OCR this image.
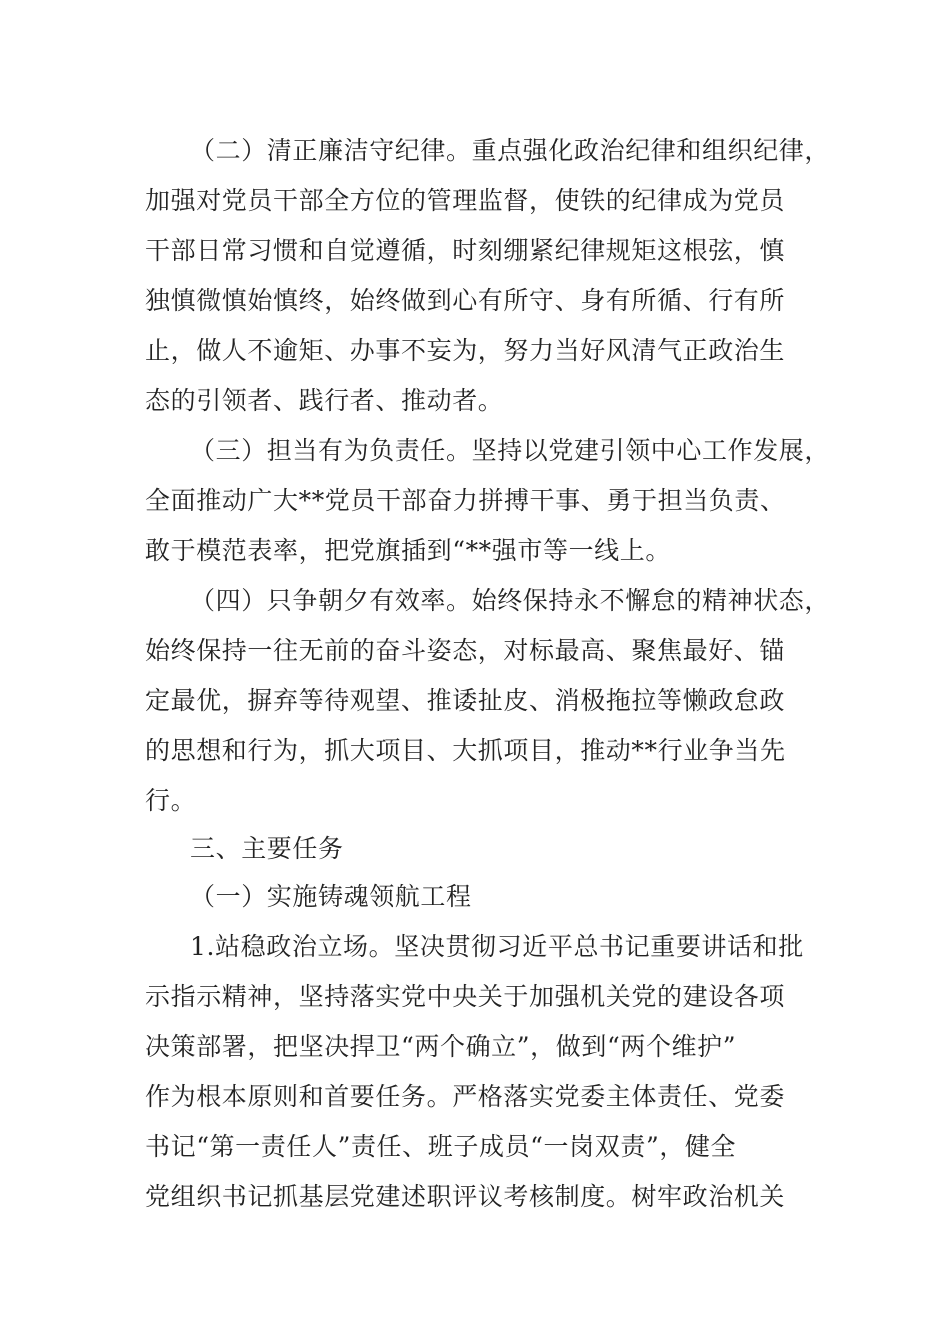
（二）清正廉洁守纪律。重点强化政治纪律和组织纪律，
加强对党员干部全方位的管理监督，使铁的纪律成为党员
干部日常习惯和自觉遵循，时刻绷紧纪律规矩这根弦，慎
独慎微慎始慎终，始终做到心有所守、身有所循、行有所
止，做人不逾矩、办事不妄为，努力当好风清气正政治生
态的引领者、践行者、推动者。
（三）担当有为负责任。坚持以党建引领中心工作发展，
全面推动广大**党员干部奋力拼搏干事、勇于担当负责、
敢于模范表率，把党旗插到“**强市等一线上。
（四）只争朝夕有效率。始终保持永不懈怠的精神状态，
始终保持一往无前的奋斗姿态，对标最高、聚焦最好、锚
定最优，摒弃等待观望、推诿扯皮、消极拖拉等懒政怠政
的思想和行为，抓大项目、大抓项目，推动**行业争当先
行。
三、主要任务
（一）实施铸魂领航工程
1.站稳政治立场。坚决贯彻习近平总书记重要讲话和批
示指示精神，坚持落实党中央关于加强机关党的建设各项
决策部署，把坚决捍卫“两个确立”，做到“两个维护”
作为根本原则和首要任务。严格落实党委主体责任、党委
书记“第一责任人”责任、班子成员“一岗双责”，健全
党组织书记抓基层党建述职评议考核制度。树牢政治机关
